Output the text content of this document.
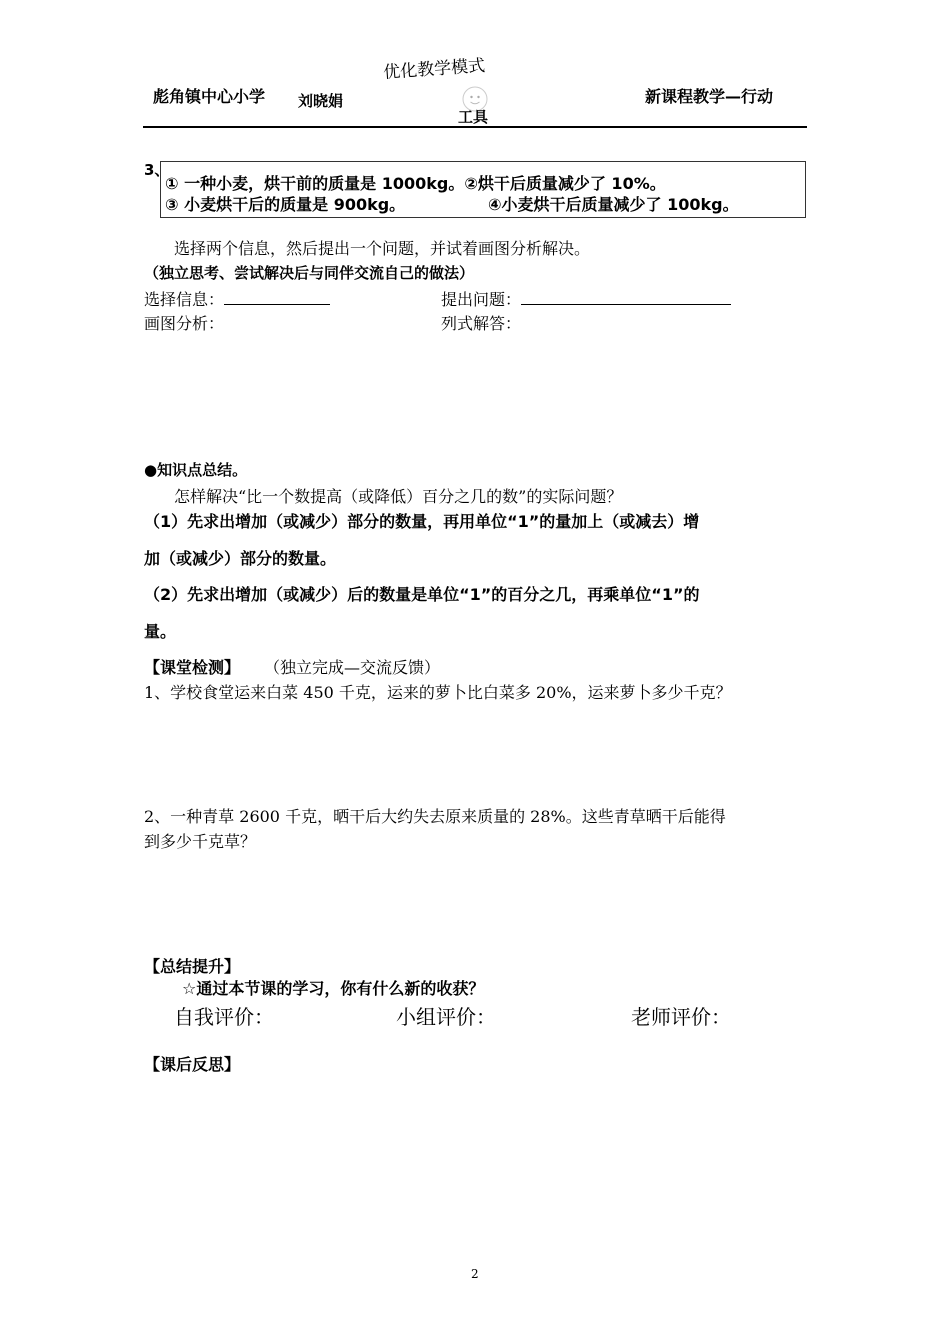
彪角镇中心小学 刘晓娟
优化教学模式
工具
新课程教学—行动
3、
① 一种小麦，烘干前的质量是 1000kg。②烘干后质量减少了 10%。
③ 小麦烘干后的质量是 900kg。	④小麦烘干后质量减少了 100kg。
选择两个信息，然后提出一个问题，并试着画图分析解决。
（独立思考、尝试解决后与同伴交流自己的做法）
选择信息：	提出问题：
画图分析：	列式解答：
●知识点总结。
怎样解决“比一个数提高（或降低）百分之几的数”的实际问题？
（1）先求出增加（或减少）部分的数量，再用单位“1”的量加上（或减去）增
加（或减少）部分的数量。
（2）先求出增加（或减少）后的数量是单位“1”的百分之几，再乘单位“1”的
量。
【课堂检测】 （独立完成—交流反馈）
1、学校食堂运来白菜 450 千克，运来的萝卜比白菜多 20%，运来萝卜多少千克？
2、一种青草 2600 千克，晒干后大约失去原来质量的 28%。这些青草晒干后能得
到多少千克草？
【总结提升】
☆通过本节课的学习，你有什么新的收获？
自我评价：	小组评价：	老师评价：
【课后反思】
2
